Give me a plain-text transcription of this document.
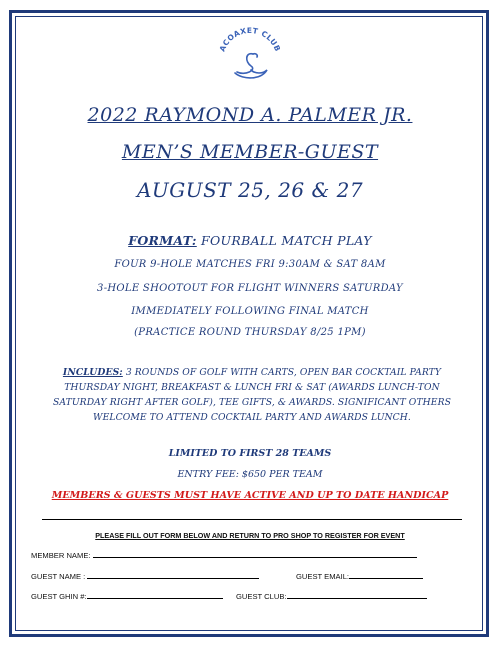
ACOAXET CLUB
2022 RAYMOND A. PALMER JR.
MEN’S MEMBER-GUEST
AUGUST 25, 26 & 27
FORMAT: FOURBALL MATCH PLAY
FOUR 9-HOLE MATCHES FRI 9:30AM & SAT 8AM
3-HOLE SHOOTOUT FOR FLIGHT WINNERS SATURDAY
IMMEDIATELY FOLLOWING FINAL MATCH
(PRACTICE ROUND THURSDAY 8/25 1PM)
INCLUDES: 3 ROUNDS OF GOLF WITH CARTS, OPEN BAR COCKTAIL PARTY THURSDAY NIGHT, BREAKFAST & LUNCH FRI & SAT (AWARDS LUNCH-TON SATURDAY RIGHT AFTER GOLF), TEE GIFTS, & AWARDS. SIGNIFICANT OTHERS WELCOME TO ATTEND COCKTAIL PARTY AND AWARDS LUNCH.
LIMITED TO FIRST 28 TEAMS
ENTRY FEE: $650 PER TEAM
MEMBERS & GUESTS MUST HAVE ACTIVE AND UP TO DATE HANDICAP
PLEASE FILL OUT FORM BELOW AND RETURN TO PRO SHOP TO REGISTER FOR EVENT
MEMBER NAME:
GUEST NAME :	GUEST EMAIL:
GUEST GHIN #:	GUEST CLUB:
